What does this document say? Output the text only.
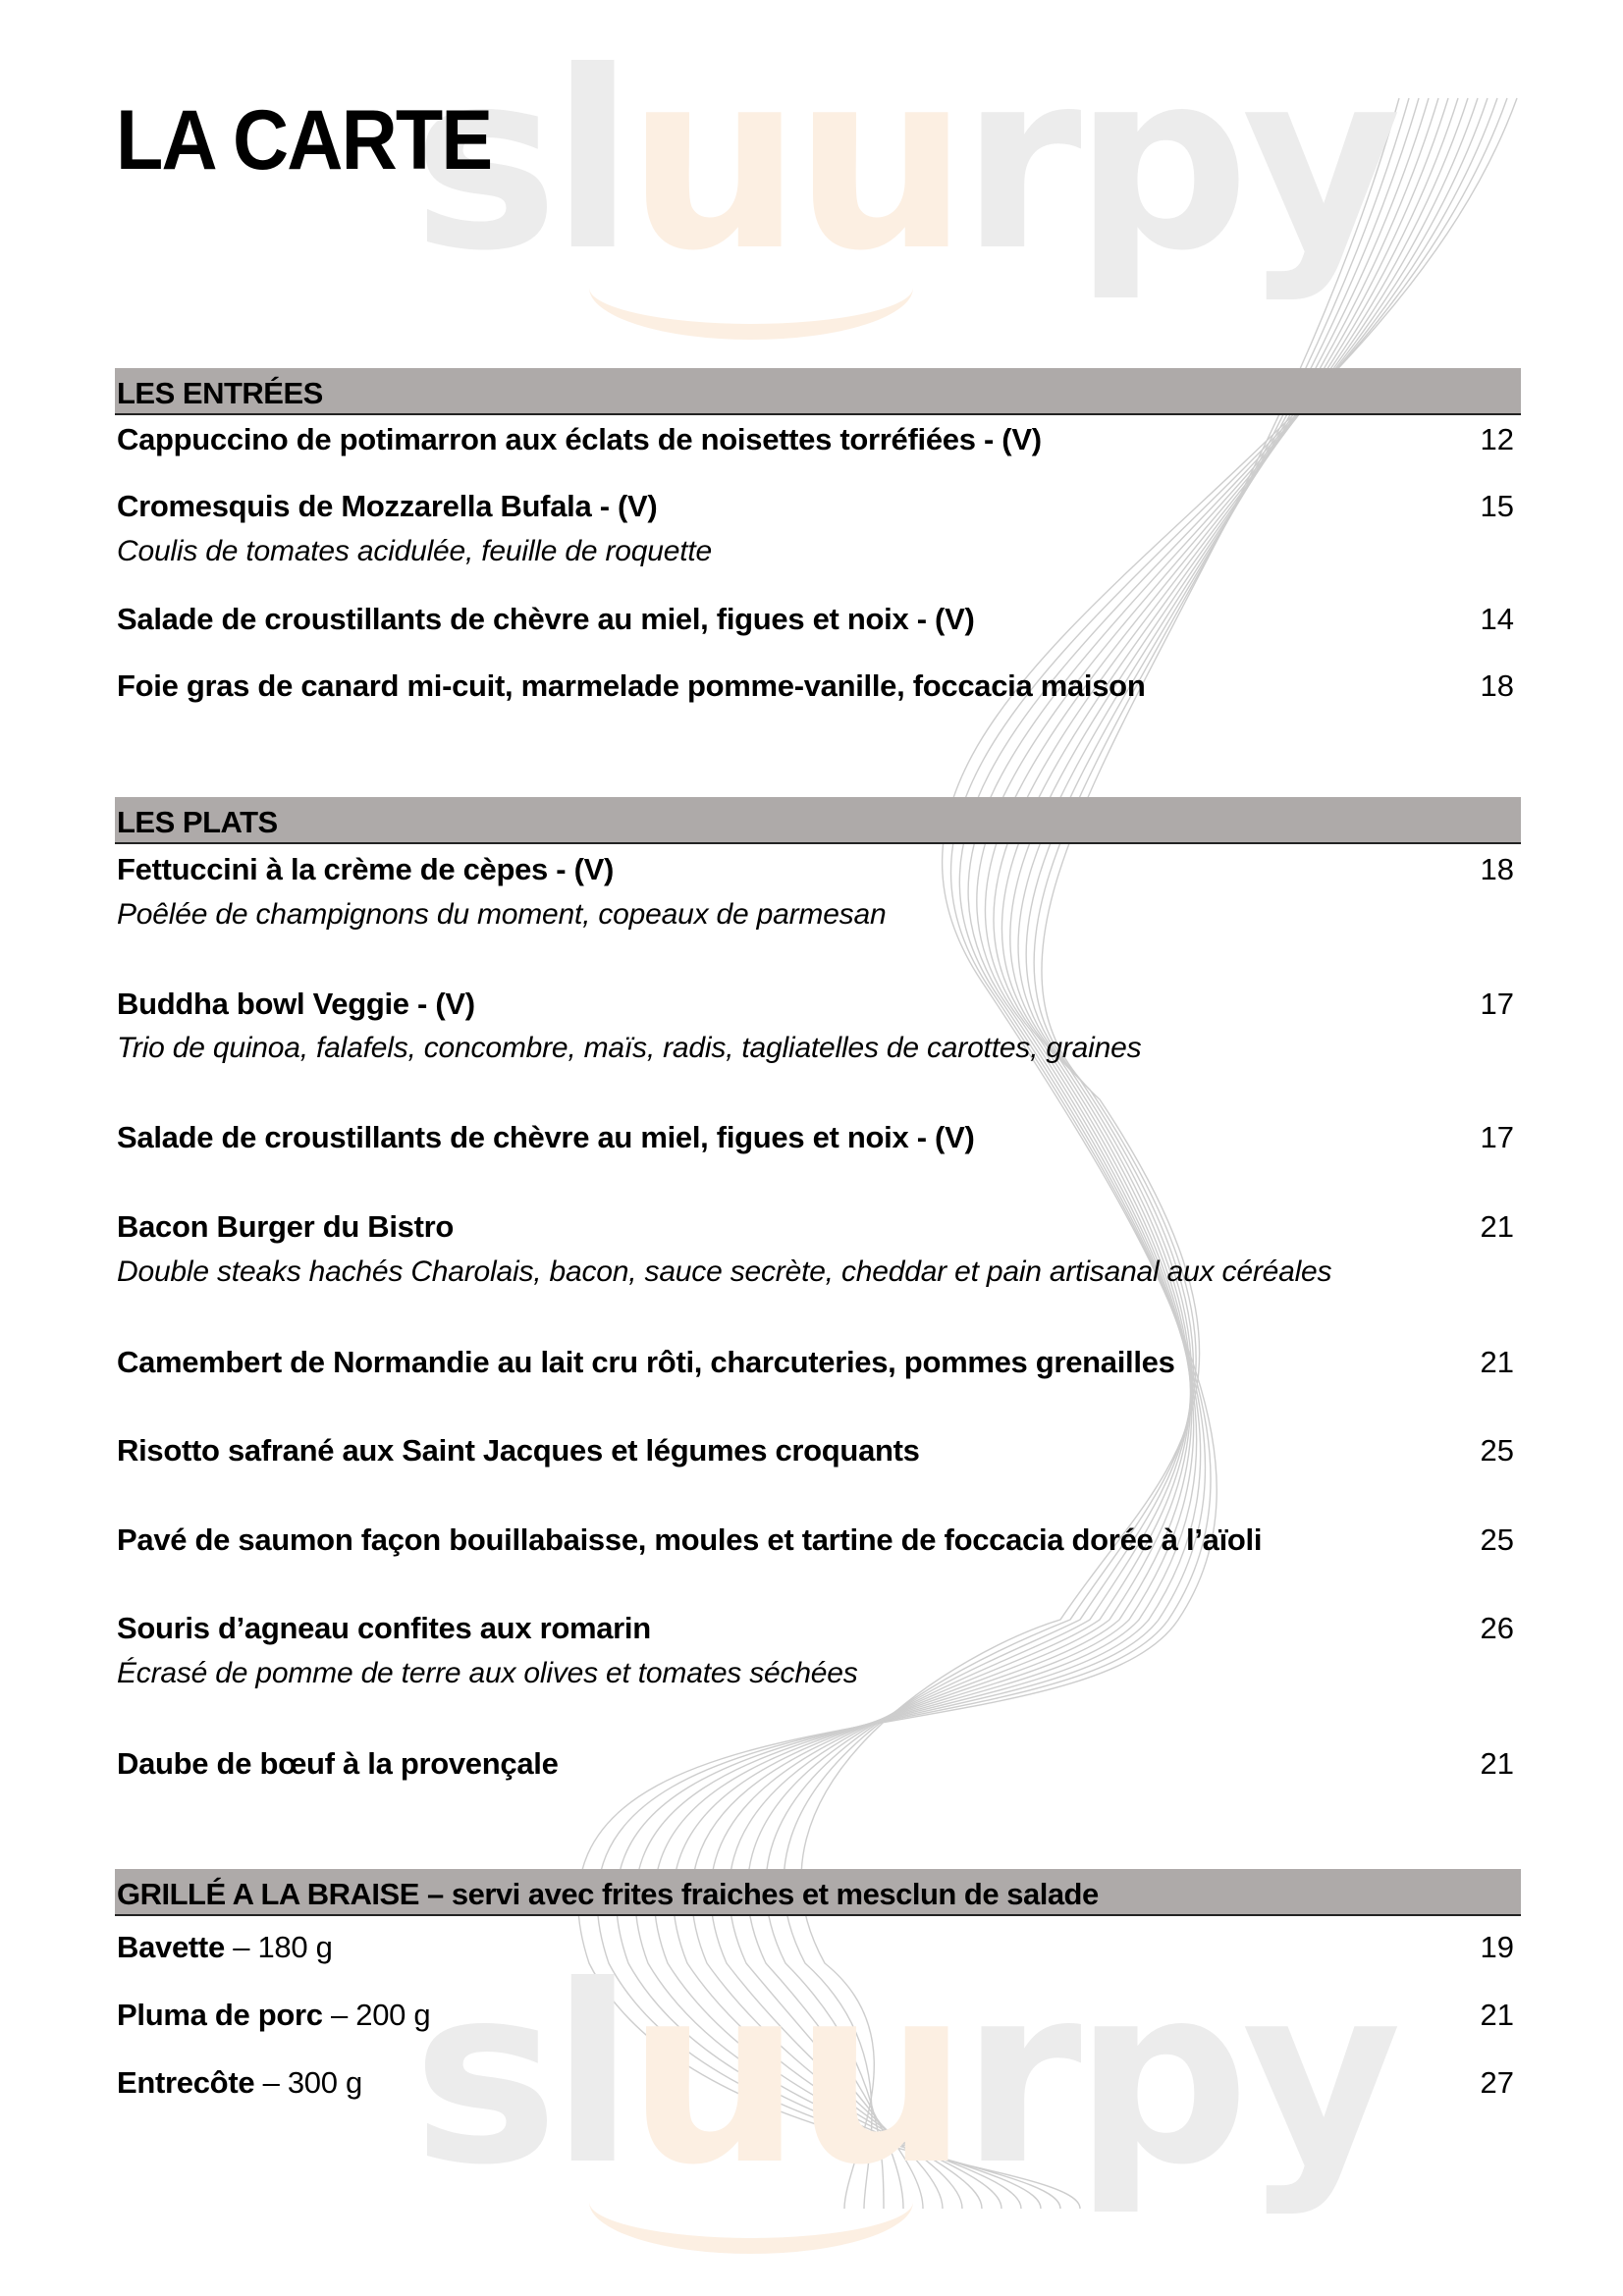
sluurpy
sluurpy
LA CARTE
LES ENTRÉES
Cappuccino de potimarron aux éclats de noisettes torréfiées - (V)	12
Cromesquis de Mozzarella Bufala - (V)	15
Coulis de tomates acidulée, feuille de roquette
Salade de croustillants de chèvre au miel, figues et noix - (V)	14
Foie gras de canard mi-cuit, marmelade pomme-vanille, foccacia maison	18
LES PLATS
Fettuccini à la crème de cèpes - (V)	18
Poêlée de champignons du moment, copeaux de parmesan
Buddha bowl Veggie - (V)	17
Trio de quinoa, falafels, concombre, maïs, radis, tagliatelles de carottes, graines
Salade de croustillants de chèvre au miel, figues et noix - (V)	17
Bacon Burger du Bistro	21
Double steaks hachés Charolais, bacon, sauce secrète, cheddar et pain artisanal aux céréales
Camembert de Normandie au lait cru rôti, charcuteries, pommes grenailles	21
Risotto safrané aux Saint Jacques et légumes croquants	25
Pavé de saumon façon bouillabaisse, moules et tartine de foccacia dorée à l’aïoli	25
Souris d’agneau confites aux romarin	26
Écrasé de pomme de terre aux olives et tomates séchées
Daube de bœuf à la provençale	21
GRILLÉ A LA BRAISE – servi avec frites fraiches et mesclun de salade
Bavette – 180 g	19
Pluma de porc – 200 g	21
Entrecôte – 300 g	27
